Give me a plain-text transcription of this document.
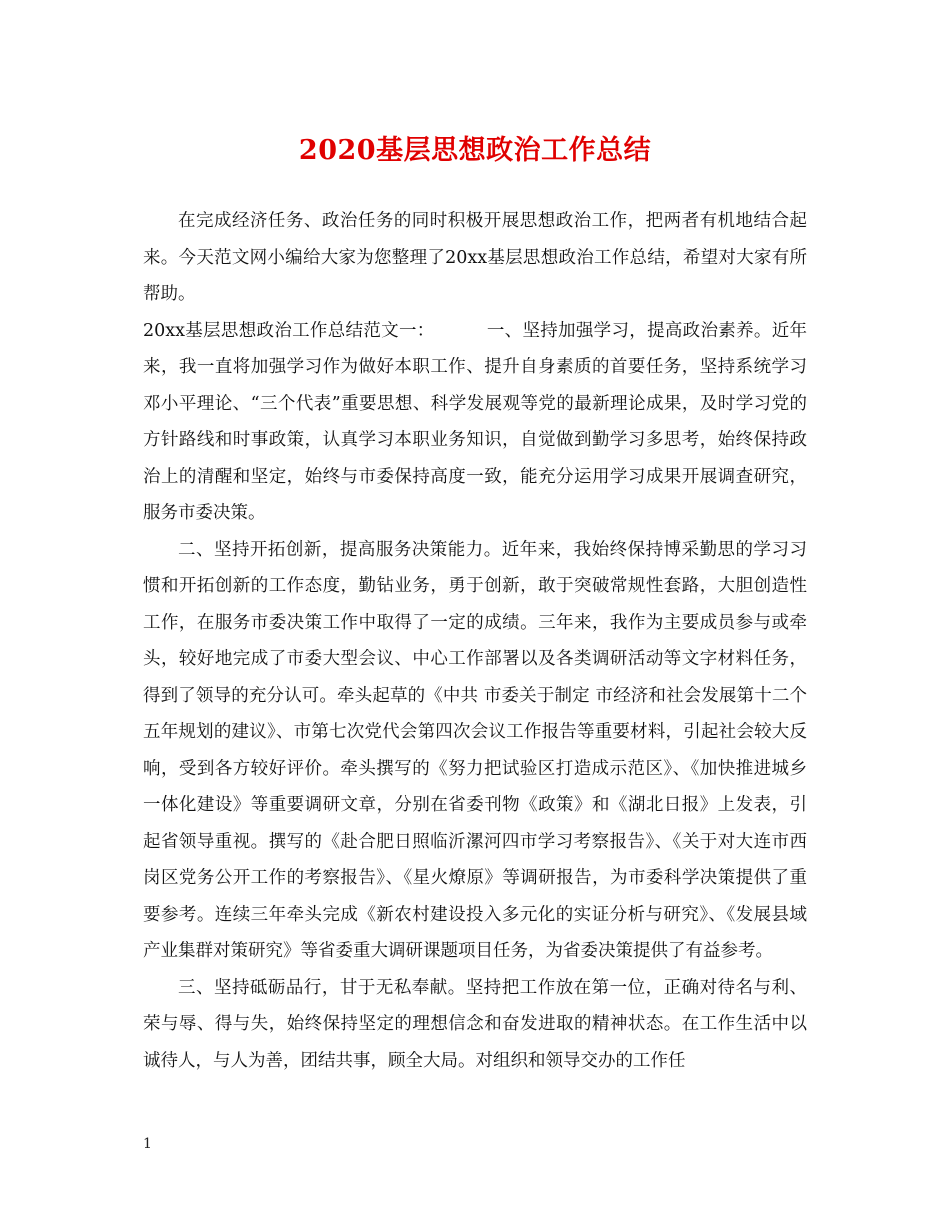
2020基层思想政治工作总结

在完成经济任务、政治任务的同时积极开展思想政治工作，把两者有机地结合起来。今天范文网小编给大家为您整理了20xx基层思想政治工作总结，希望对大家有所帮助。

20xx基层思想政治工作总结范文一：	一、坚持加强学习，提高政治素养。近年来，我一直将加强学习作为做好本职工作、提升自身素质的首要任务，坚持系统学习邓小平理论、“三个代表”重要思想、科学发展观等党的最新理论成果，及时学习党的方针路线和时事政策，认真学习本职业务知识，自觉做到勤学习多思考，始终保持政治上的清醒和坚定，始终与市委保持高度一致，能充分运用学习成果开展调查研究，服务市委决策。

二、坚持开拓创新，提高服务决策能力。近年来，我始终保持博采勤思的学习习惯和开拓创新的工作态度，勤钻业务，勇于创新，敢于突破常规性套路，大胆创造性工作，在服务市委决策工作中取得了一定的成绩。三年来，我作为主要成员参与或牵头，较好地完成了市委大型会议、中心工作部署以及各类调研活动等文字材料任务，得到了领导的充分认可。牵头起草的《中共 市委关于制定 市经济和社会发展第十二个五年规划的建议》、市第七次党代会第四次会议工作报告等重要材料，引起社会较大反响，受到各方较好评价。牵头撰写的《努力把试验区打造成示范区》、《加快推进城乡一体化建设》等重要调研文章，分别在省委刊物《政策》和《湖北日报》上发表，引起省领导重视。撰写的《赴合肥日照临沂漯河四市学习考察报告》、《关于对大连市西岗区党务公开工作的考察报告》、《星火燎原》等调研报告，为市委科学决策提供了重要参考。连续三年牵头完成《新农村建设投入多元化的实证分析与研究》、《发展县域产业集群对策研究》等省委重大调研课题项目任务，为省委决策提供了有益参考。

三、坚持砥砺品行，甘于无私奉献。坚持把工作放在第一位，正确对待名与利、荣与辱、得与失，始终保持坚定的理想信念和奋发进取的精神状态。在工作生活中以诚待人，与人为善，团结共事，顾全大局。对组织和领导交办的工作任

1
